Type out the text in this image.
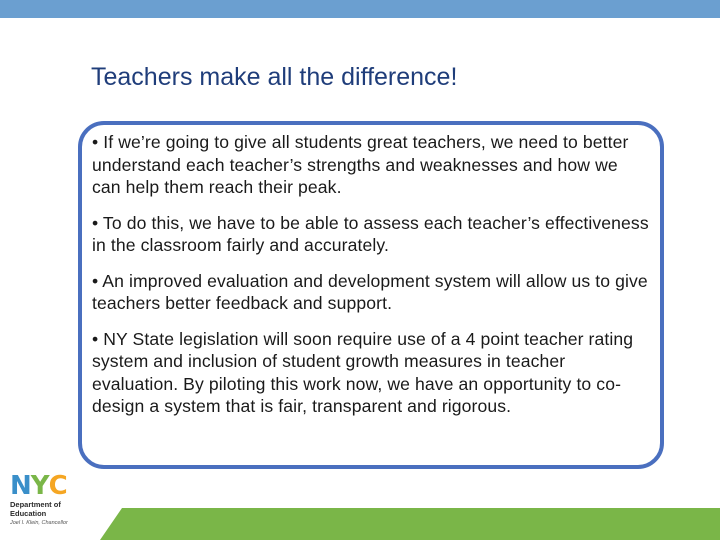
Teachers make all the difference!

• If we’re going to give all students great teachers, we need to better understand each teacher’s strengths and weaknesses and how we can help them reach their peak.

• To do this, we have to be able to assess each teacher’s effectiveness in the classroom fairly and accurately.

• An improved evaluation and development system will allow us to give teachers better feedback and support.

• NY State legislation will soon require use of a 4 point teacher rating system and inclusion of student growth measures in teacher evaluation. By piloting this work now, we have an opportunity to co-design a system that is fair, transparent and rigorous.

N Y C
Department of
Education
Joel I. Klein, Chancellor
